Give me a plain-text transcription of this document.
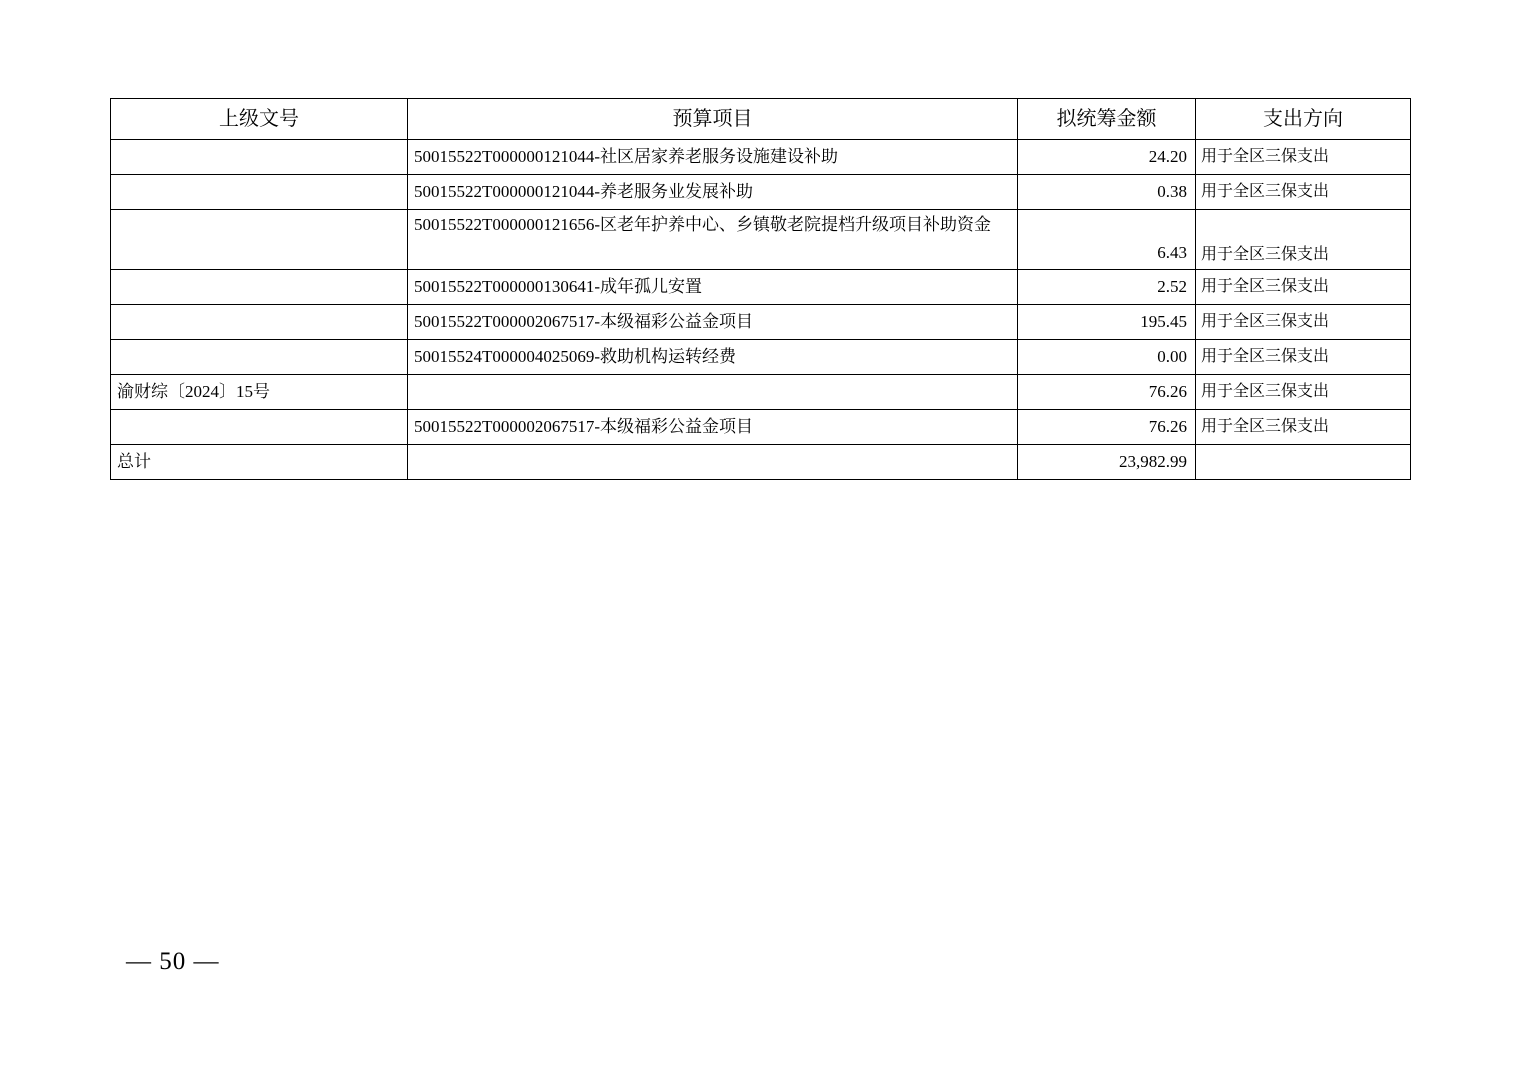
上级文号	预算项目	拟统筹金额	支出方向
	50015522T000000121044-社区居家养老服务设施建设补助	24.20	用于全区三保支出
	50015522T000000121044-养老服务业发展补助	0.38	用于全区三保支出
	50015522T000000121656-区老年护养中心、乡镇敬老院提档升级项目补助资金	6.43	用于全区三保支出
	50015522T000000130641-成年孤儿安置	2.52	用于全区三保支出
	50015522T000002067517-本级福彩公益金项目	195.45	用于全区三保支出
	50015524T000004025069-救助机构运转经费	0.00	用于全区三保支出
渝财综〔2024〕15号		76.26	用于全区三保支出
	50015522T000002067517-本级福彩公益金项目	76.26	用于全区三保支出
总计		23,982.99	
— 50 —
